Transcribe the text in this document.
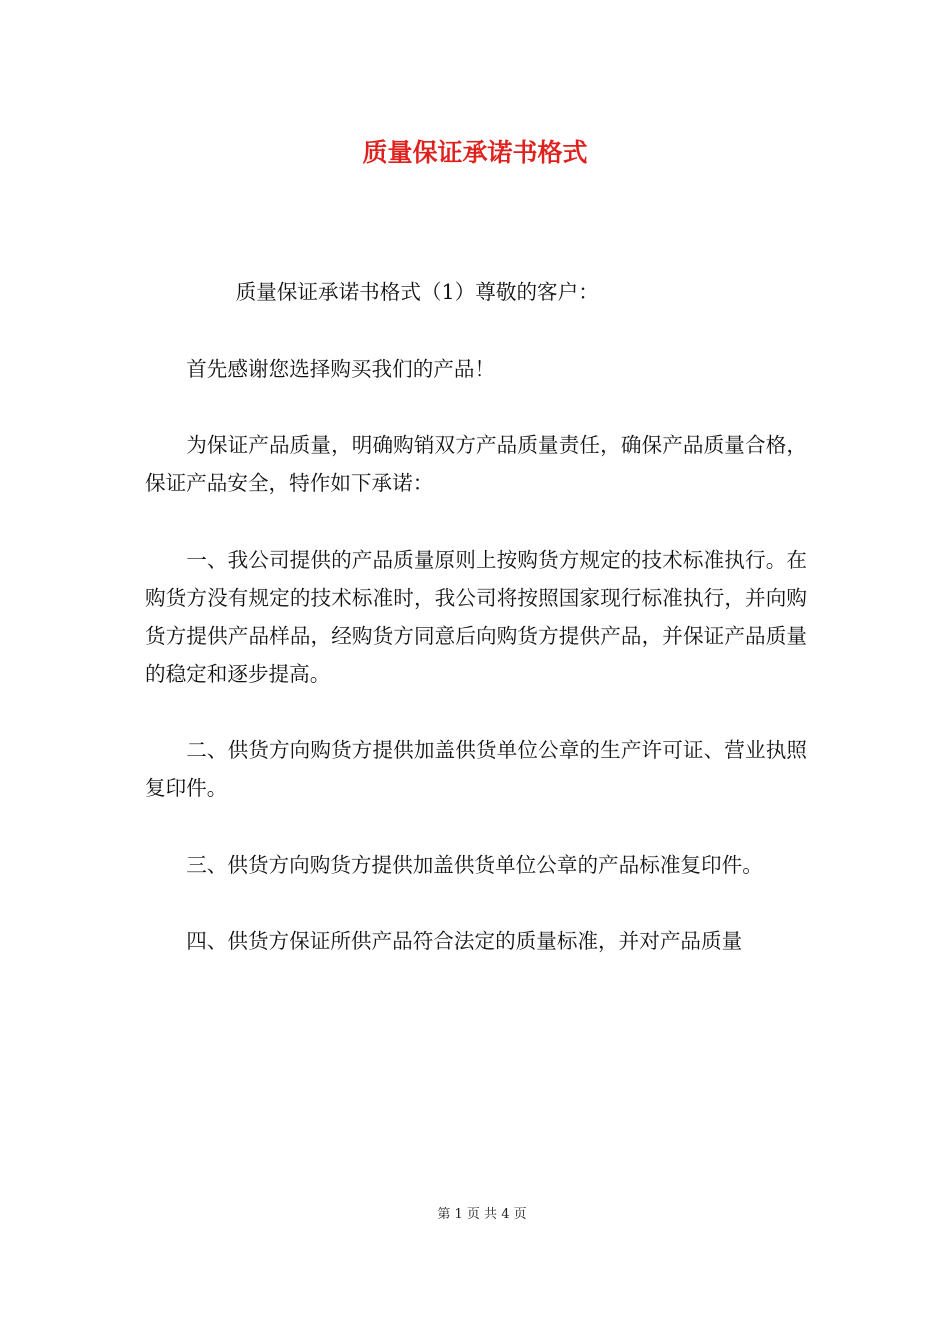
质量保证承诺书格式

质量保证承诺书格式（1）尊敬的客户：

首先感谢您选择购买我们的产品！

为保证产品质量，明确购销双方产品质量责任，确保产品质量合格，保证产品安全，特作如下承诺：

一、我公司提供的产品质量原则上按购货方规定的技术标准执行。在购货方没有规定的技术标准时，我公司将按照国家现行标准执行，并向购货方提供产品样品，经购货方同意后向购货方提供产品，并保证产品质量的稳定和逐步提高。

二、供货方向购货方提供加盖供货单位公章的生产许可证、营业执照复印件。

三、供货方向购货方提供加盖供货单位公章的产品标准复印件。

四、供货方保证所供产品符合法定的质量标准，并对产品质量

第 1 页 共 4 页
